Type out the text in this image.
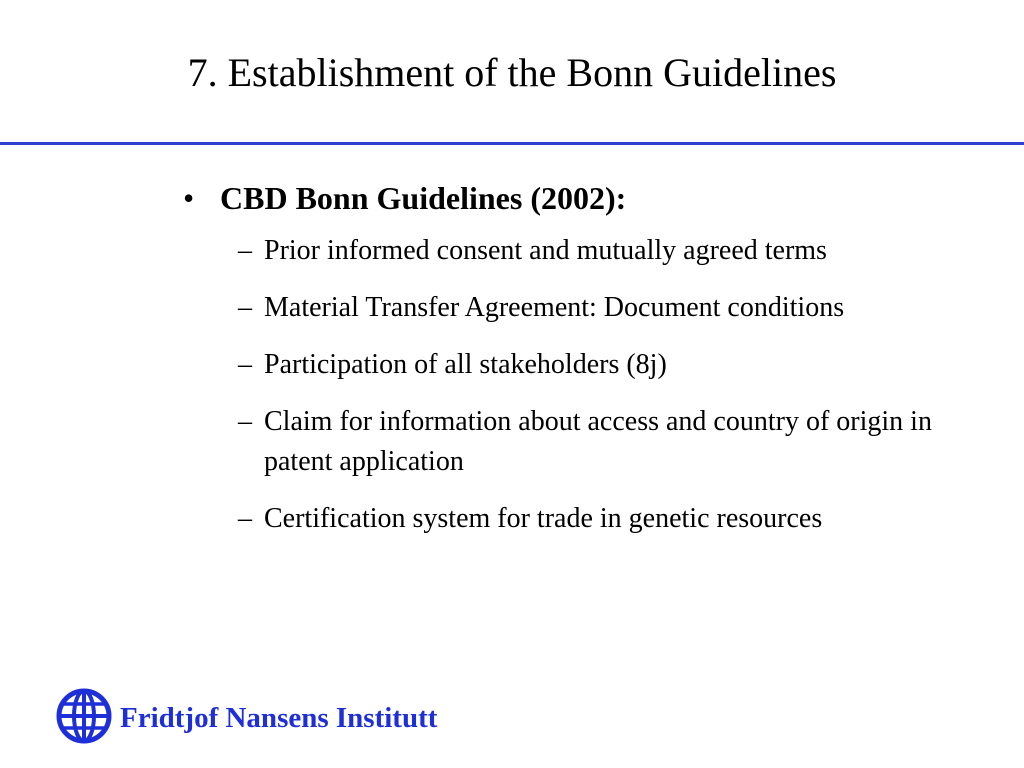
7. Establishment of the Bonn Guidelines
• CBD Bonn Guidelines (2002):
– Prior informed consent and mutually agreed terms
– Material Transfer Agreement: Document conditions
– Participation of all stakeholders (8j)
– Claim for information about access and country of origin in patent application
– Certification system for trade in genetic resources
Fridtjof Nansens Institutt
